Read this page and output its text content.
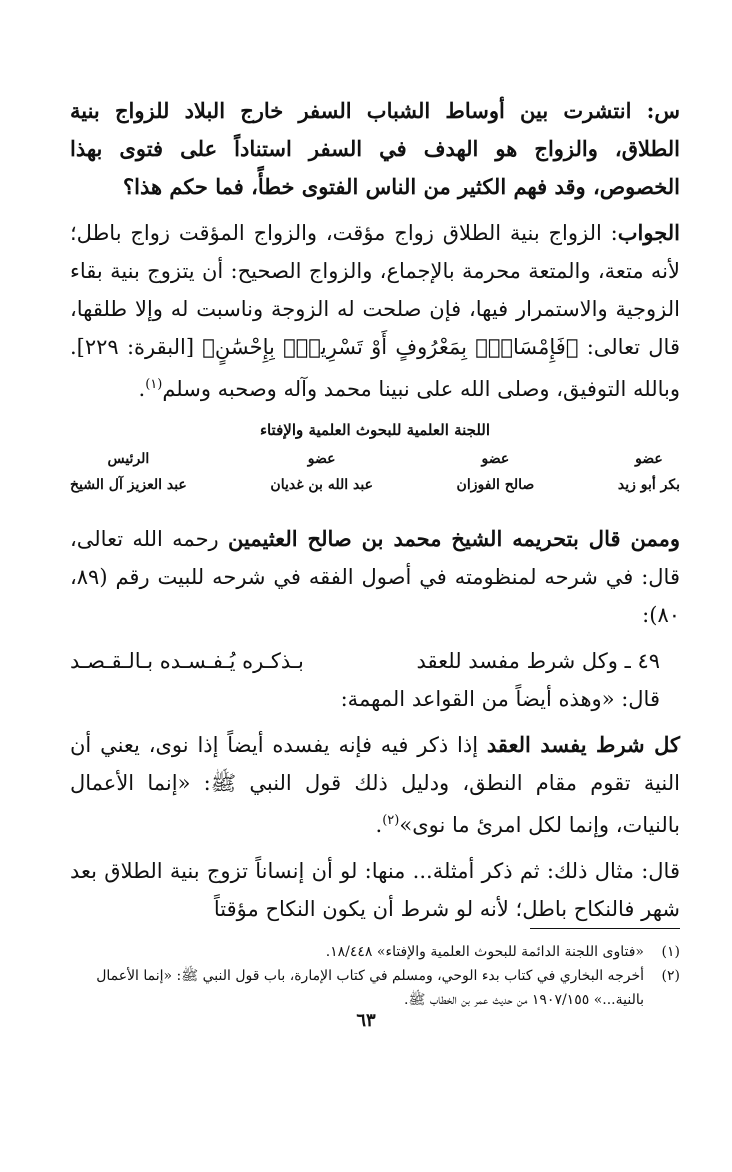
س: انتشرت بين أوساط الشباب السفر خارج البلاد للزواج بنية الطلاق، والزواج هو الهدف في السفر استناداً على فتوى بهذا الخصوص، وقد فهم الكثير من الناس الفتوى خطأً، فما حكم هذا؟

الجواب: الزواج بنية الطلاق زواج مؤقت، والزواج المؤقت زواج باطل؛ لأنه متعة، والمتعة محرمة بالإجماع، والزواج الصحيح: أن يتزوج بنية بقاء الزوجية والاستمرار فيها، فإن صلحت له الزوجة وناسبت له وإلا طلقها، قال تعالى: ﴿فَإِمْسَاكُۢ بِمَعْرُوفٍ أَوْ تَسْرِيحُۢ بِإِحْسَٰنٍ﴾ [البقرة: ٢٢٩]. وبالله التوفيق، وصلى الله على نبينا محمد وآله وصحبه وسلم$^{(١)}$.

اللجنة العلمية للبحوث العلمية والإفتاء
عضو
بكر أبو زيد
عضو
صالح الفوزان
عضو
عبد الله بن غديان
الرئيس
عبد العزيز آل الشيخ

وممن قال بتحريمه الشيخ محمد بن صالح العثيمين رحمه الله تعالى، قال: في شرحه لمنظومته في أصول الفقه في شرحه للبيت رقم (٨٩، ٨٠):

٤٩ ـ وكل شرط مفسد للعقد
بـذكـره يُـفـسـده بـالـقـصـد

قال: «وهذه أيضاً من القواعد المهمة:

كل شرط يفسد العقد إذا ذكر فيه فإنه يفسده أيضاً إذا نوى، يعني أن النية تقوم مقام النطق، ودليل ذلك قول النبي ﷺ: «إنما الأعمال بالنيات، وإنما لكل امرئ ما نوى»$^{(٢)}$.

قال: مثال ذلك: ثم ذكر أمثلة... منها: لو أن إنساناً تزوج بنية الطلاق بعد شهر فالنكاح باطل؛ لأنه لو شرط أن يكون النكاح مؤقتاً

(١)
«فتاوى اللجنة الدائمة للبحوث العلمية والإفتاء» ١٨/٤٤٨.
(٢)
أخرجه البخاري في كتاب بدء الوحي، ومسلم في كتاب الإمارة، باب قول النبي ﷺ: «إنما الأعمال بالنية...» ١٩٠٧/١٥٥ من حديث عمر بن الخطاب ﷺ.
٦٣
